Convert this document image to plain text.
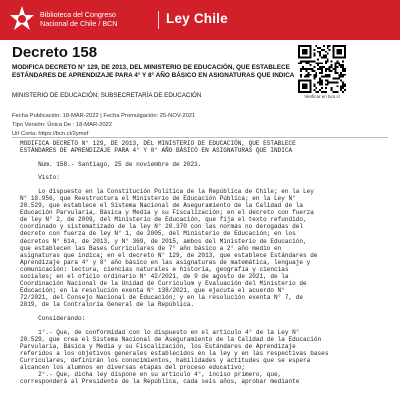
Biblioteca del Congreso
Nacional de Chile / BCN	Ley Chile
Decreto 158
MODIFICA DECRETO N° 129, DE 2013, DEL MINISTERIO DE EDUCACIÓN, QUE ESTABLECE ESTÁNDARES DE APRENDIZAJE PARA 4° Y 8° AÑO BÁSICO EN ASIGNATURAS QUE INDICA
MINISTERIO DE EDUCACIÓN; SUBSECRETARÍA DE EDUCACIÓN
Fecha Publicación: 18-MAR-2022 | Fecha Promulgación: 25-NOV-2021
Tipo Versión: Única De : 18-MAR-2022
Url Corta: https://bcn.cl/2ymef
Verificar en bcn.cl

MODIFICA DECRETO N° 129, DE 2013, DEL MINISTERIO DE EDUCACIÓN, QUE ESTABLECE

ESTÁNDARES DE APRENDIZAJE PARA 4° Y 8° AÑO BÁSICO EN ASIGNATURAS QUE INDICA

Núm. 158.- Santiago, 25 de noviembre de 2021.

Visto:

Lo dispuesto en la Constitución Política de la República de Chile; en la Ley

N° 18.956, que Reestructura el Ministerio de Educación Pública; en la Ley N°

20.529, que establece el Sistema Nacional de Aseguramiento de la Calidad de la

Educación Parvularia, Básica y Media y su Fiscalización; en el decreto con fuerza

de ley N° 2, de 2009, del Ministerio de Educación, que fija el texto refundido,

coordinado y sistematizado de la ley N° 20.370 con las normas no derogadas del

decreto con fuerza de ley N° 1, de 2005, del Ministerio de Educación; en los

decretos N° 614, de 2013, y N° 369, de 2015, ambos del Ministerio de Educación,

que establecen las Bases Curriculares de 7° año básico a 2° año medio en

asignaturas que indica; en el decreto N° 129, de 2013, que establece Estándares de

Aprendizaje para 4° y 8° año básico en las asignaturas de matemática, lenguaje y

comunicación: lectura, ciencias naturales e historia, geografía y ciencias

sociales; en el oficio ordinario N° 42/2021, de 9 de agosto de 2021, de la

Coordinación Nacional de la Unidad de Currículum y Evaluación del Ministerio de

Educación; en la resolución exenta N° 138/2021, que ejecuta el acuerdo N°

72/2021, del Consejo Nacional de Educación; y en la resolución exenta N° 7, de

2019, de la Contraloría General de la República.

Considerando:

1°.- Que, de conformidad con lo dispuesto en el artículo 4° de la Ley N°

20.529, que crea el Sistema Nacional de Aseguramiento de la Calidad de la Educación

Parvularia, Básica y Media y su Fiscalización, los Estándares de Aprendizaje

referidos a los objetivos generales establecidos en la ley y en las respectivas bases

Curriculares, definirán los conocimientos, habilidades y actitudes que se espera

alcancen los alumnos en diversas etapas del proceso educativo;

2°.- Que, dicha ley dispone en su artículo 4°, inciso primero, que,

corresponderá al Presidente de la República, cada seis años, aprobar mediante
